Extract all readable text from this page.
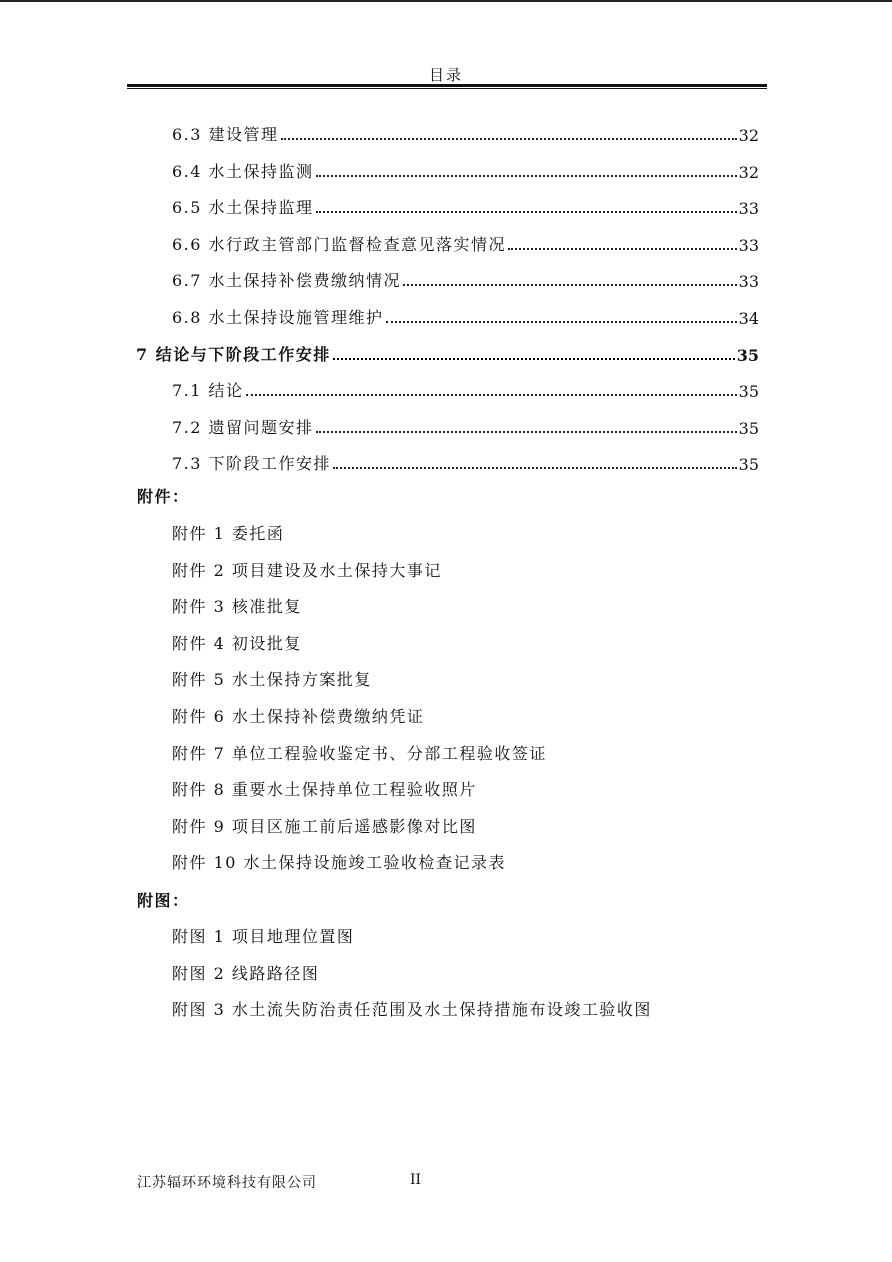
目录
6.3 建设管理	32
6.4 水土保持监测	32
6.5 水土保持监理	33
6.6 水行政主管部门监督检查意见落实情况	33
6.7 水土保持补偿费缴纳情况	33
6.8 水土保持设施管理维护	34
7 结论与下阶段工作安排	35
7.1 结论	35
7.2 遗留问题安排	35
7.3 下阶段工作安排	35
附件：
附件 1 委托函
附件 2 项目建设及水土保持大事记
附件 3 核准批复
附件 4 初设批复
附件 5 水土保持方案批复
附件 6 水土保持补偿费缴纳凭证
附件 7 单位工程验收鉴定书、分部工程验收签证
附件 8 重要水土保持单位工程验收照片
附件 9 项目区施工前后遥感影像对比图
附件 10 水土保持设施竣工验收检查记录表
附图：
附图 1 项目地理位置图
附图 2 线路路径图
附图 3 水土流失防治责任范围及水土保持措施布设竣工验收图
江苏辐环环境科技有限公司	II
